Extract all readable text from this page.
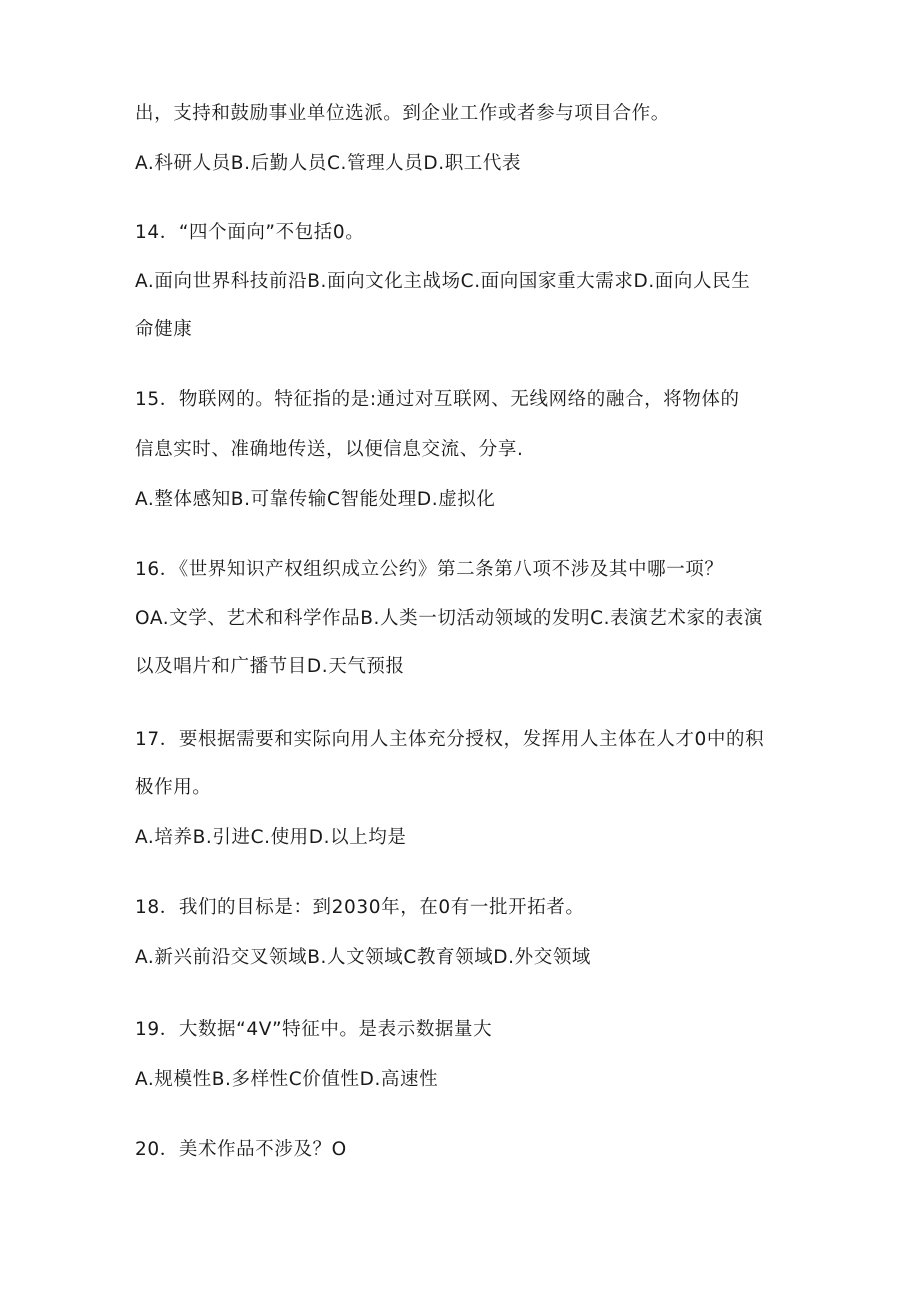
出，支持和鼓励事业单位选派。到企业工作或者参与项目合作。
A.科研人员B.后勤人员C.管理人员D.职工代表
14．“四个面向”不包括0。
A.面向世界科技前沿B.面向文化主战场C.面向国家重大需求D.面向人民生
命健康
15．物联网的。特征指的是:通过对互联网、无线网络的融合，将物体的
信息实时、准确地传送，以便信息交流、分享.
A.整体感知B.可靠传输C智能处理D.虚拟化
16．《世界知识产权组织成立公约》第二条第八项不涉及其中哪一项？
OA.文学、艺术和科学作品B.人类一切活动领域的发明C.表演艺术家的表演
以及唱片和广播节目D.天气预报
17．要根据需要和实际向用人主体充分授权，发挥用人主体在人才0中的积
极作用。
A.培养B.引进C.使用D.以上均是
18．我们的目标是：到2030年，在0有一批开拓者。
A.新兴前沿交叉领域B.人文领域C教育领域D.外交领域
19．大数据“4V”特征中。是表示数据量大
A.规模性B.多样性C价值性D.高速性
20．美术作品不涉及？O
